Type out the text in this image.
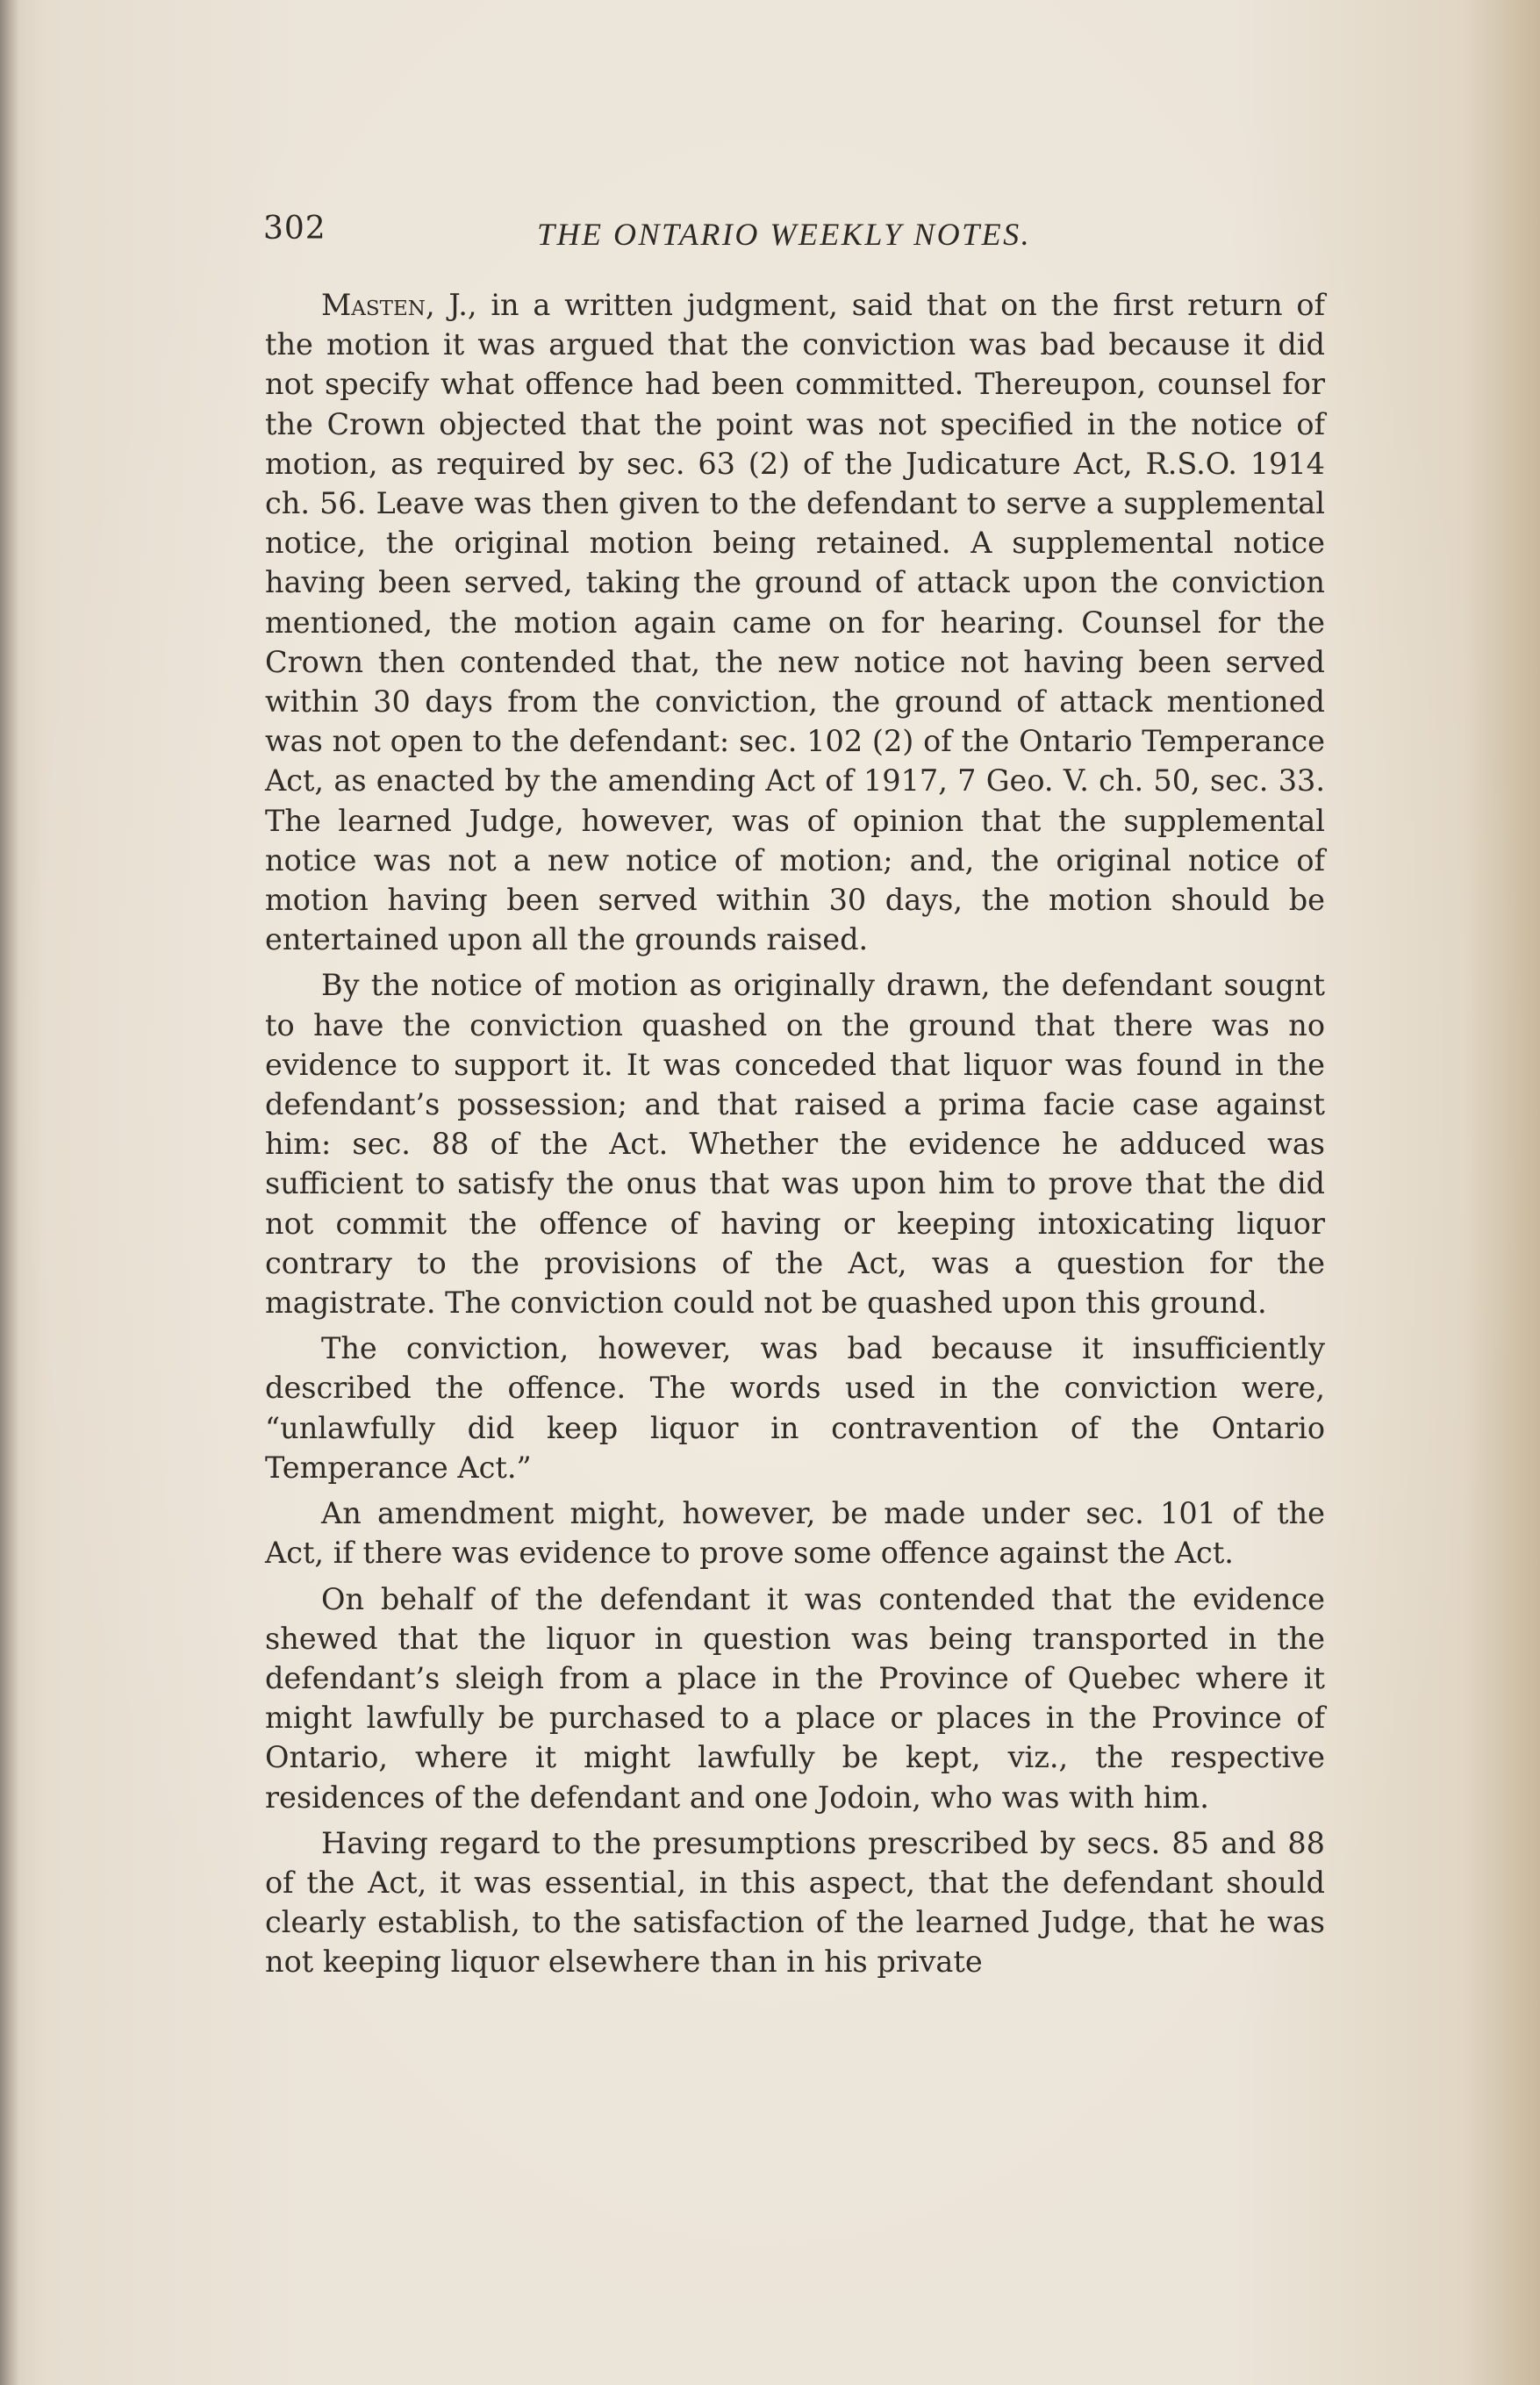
302	THE ONTARIO WEEKLY NOTES.

Masten, J., in a written judgment, said that on the first return of the motion it was argued that the conviction was bad because it did not specify what offence had been committed. Thereupon, counsel for the Crown objected that the point was not specified in the notice of motion, as required by sec. 63 (2) of the Judicature Act, R.S.O. 1914 ch. 56. Leave was then given to the defendant to serve a supplemental notice, the original motion being retained. A supplemental notice having been served, taking the ground of attack upon the conviction mentioned, the motion again came on for hearing. Counsel for the Crown then contended that, the new notice not having been served within 30 days from the conviction, the ground of attack mentioned was not open to the defendant: sec. 102 (2) of the Ontario Temperance Act, as enacted by the amending Act of 1917, 7 Geo. V. ch. 50, sec. 33. The learned Judge, however, was of opinion that the supplemental notice was not a new notice of motion; and, the original notice of motion having been served within 30 days, the motion should be entertained upon all the grounds raised.

By the notice of motion as originally drawn, the defendant sougnt to have the conviction quashed on the ground that there was no evidence to support it. It was conceded that liquor was found in the defendant’s possession; and that raised a prima facie case against him: sec. 88 of the Act. Whether the evidence he adduced was sufficient to satisfy the onus that was upon him to prove that the did not commit the offence of having or keeping intoxicating liquor contrary to the provisions of the Act, was a question for the magistrate. The conviction could not be quashed upon this ground.

The conviction, however, was bad because it insufficiently described the offence. The words used in the conviction were, “unlawfully did keep liquor in contravention of the Ontario Temperance Act.”

An amendment might, however, be made under sec. 101 of the Act, if there was evidence to prove some offence against the Act.

On behalf of the defendant it was contended that the evidence shewed that the liquor in question was being transported in the defendant’s sleigh from a place in the Province of Quebec where it might lawfully be purchased to a place or places in the Province of Ontario, where it might lawfully be kept, viz., the respective residences of the defendant and one Jodoin, who was with him.

Having regard to the presumptions prescribed by secs. 85 and 88 of the Act, it was essential, in this aspect, that the defendant should clearly establish, to the satisfaction of the learned Judge, that he was not keeping liquor elsewhere than in his private
